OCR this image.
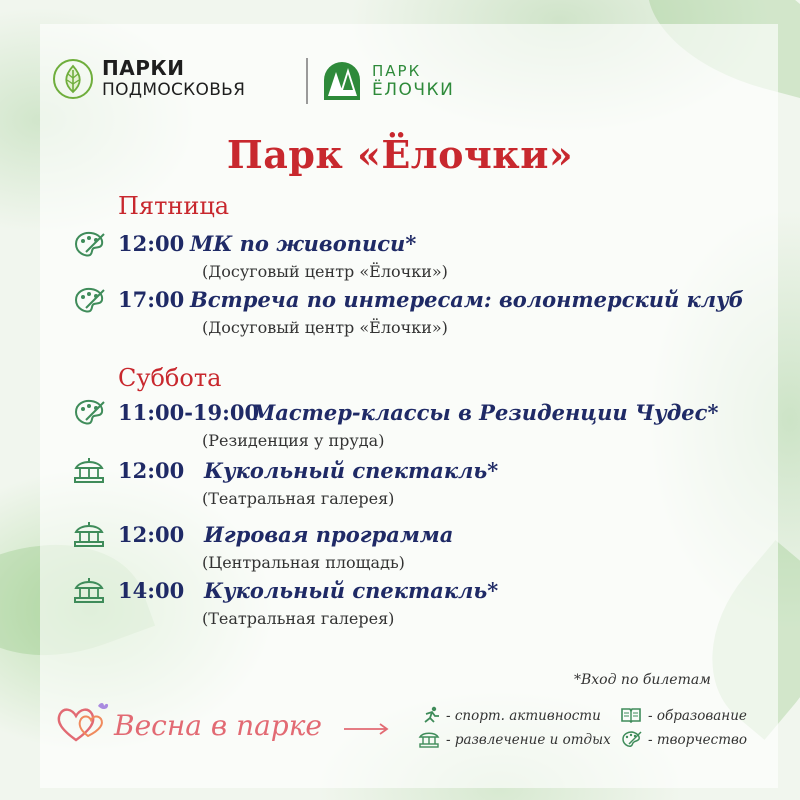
ПАРКИ
ПОДМОСКОВЬЯ
ПАРК
ЁЛОЧКИ
Парк «Ёлочки»
Пятница
12:00 МК по живописи*
(Досуговый центр «Ёлочки»)
17:00 Встреча по интересам: волонтерский клуб
(Досуговый центр «Ёлочки»)
Суббота
11:00-19:00
Мастер-классы в Резиденции Чудес*
(Резиденция у пруда)
12:00 Кукольный спектакль*
(Театральная галерея)
12:00 Игровая программа
(Центральная площадь)
14:00 Кукольный спектакль*
(Театральная галерея)
*Вход по билетам
Весна в парке	- спорт. активности	- образование
- развлечение и отдых	- творчество
